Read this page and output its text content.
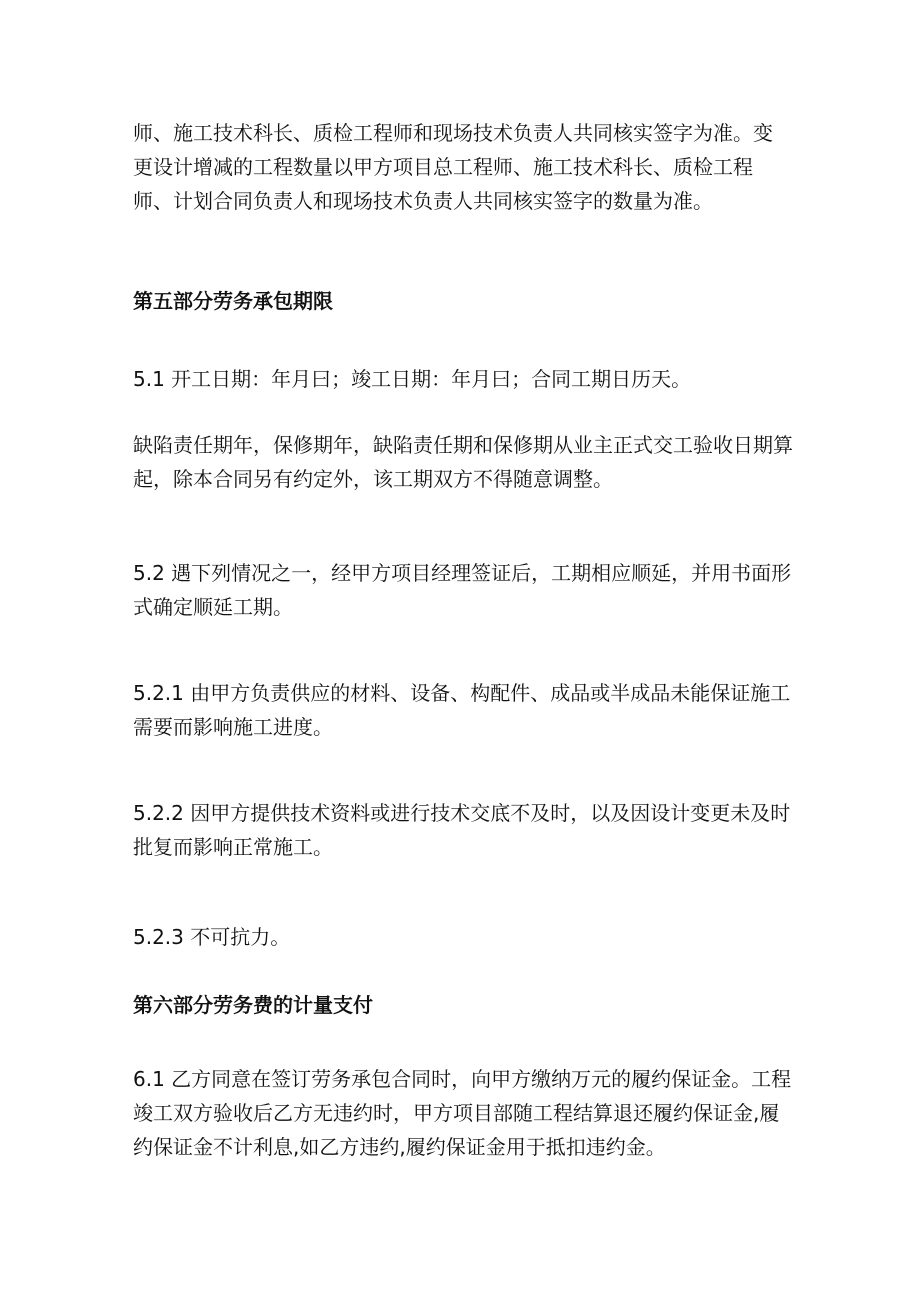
师、施工技术科长、质检工程师和现场技术负责人共同核实签字为准。变
更设计增减的工程数量以甲方项目总工程师、施工技术科长、质检工程
师、计划合同负责人和现场技术负责人共同核实签字的数量为准。

第五部分劳务承包期限

5.1 开工日期：年月曰；竣工日期：年月曰；合同工期日历天。

缺陷责任期年，保修期年，缺陷责任期和保修期从业主正式交工验收日期算
起，除本合同另有约定外，该工期双方不得随意调整。

5.2 遇下列情况之一，经甲方项目经理签证后，工期相应顺延，并用书面形
式确定顺延工期。

5.2.1 由甲方负责供应的材料、设备、构配件、成品或半成品未能保证施工
需要而影响施工进度。

5.2.2 因甲方提供技术资料或进行技术交底不及时，以及因设计变更未及时
批复而影响正常施工。

5.2.3 不可抗力。

第六部分劳务费的计量支付

6.1 乙方同意在签订劳务承包合同时，向甲方缴纳万元的履约保证金。工程
竣工双方验收后乙方无违约时，甲方项目部随工程结算退还履约保证金,履
约保证金不计利息,如乙方违约,履约保证金用于抵扣违约金。
